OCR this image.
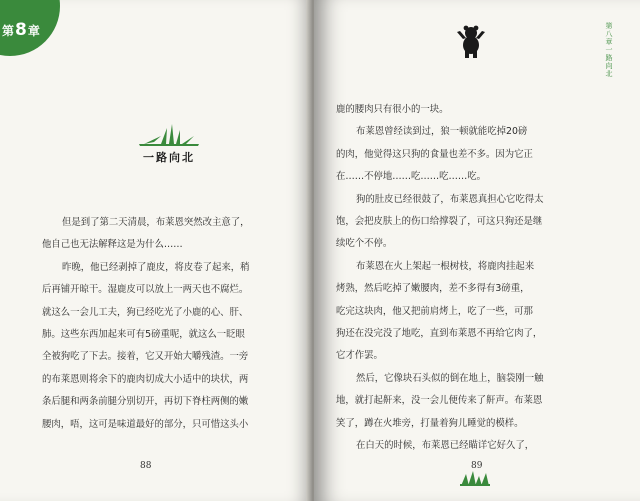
第8章
一路向北

但是到了第二天清晨，布莱恩突然改主意了，

他自己也无法解释这是为什么……

昨晚，他已经剥掉了鹿皮，将皮卷了起来，稍

后再铺开晾干。湿鹿皮可以放上一两天也不腐烂。

就这么一会儿工夫，狗已经吃光了小鹿的心、肝、

肺。这些东西加起来可有5磅重呢，就这么一眨眼

全被狗吃了下去。接着，它又开始大嚼残渣。一旁

的布莱恩则将余下的鹿肉切成大小适中的块状，两

条后腿和两条前腿分别切开，再切下脊柱两侧的嫩

腰肉，唔，这可是味道最好的部分，只可惜这头小

88
第八章 一路向北

鹿的腰肉只有很小的一块。

布莱恩曾经读到过，狼一顿就能吃掉20磅

的肉，他觉得这只狗的食量也差不多。因为它正

在……不停地……吃……吃……吃。

狗的肚皮已经很鼓了，布莱恩真担心它吃得太

饱，会把皮肤上的伤口给撑裂了，可这只狗还是继

续吃个不停。

布莱恩在火上架起一根树枝，将鹿肉挂起来

烤熟，然后吃掉了嫩腰肉，差不多得有3磅重，

吃完这块肉，他又把前肩烤上，吃了一些，可那

狗还在没完没了地吃，直到布莱恩不再给它肉了，

它才作罢。

然后，它像块石头似的倒在地上，脑袋刚一触

地，就打起鼾来，没一会儿便传来了鼾声。布莱恩

笑了，蹲在火堆旁，打量着狗儿睡觉的模样。

在白天的时候，布莱恩已经瞄详它好久了，

89
